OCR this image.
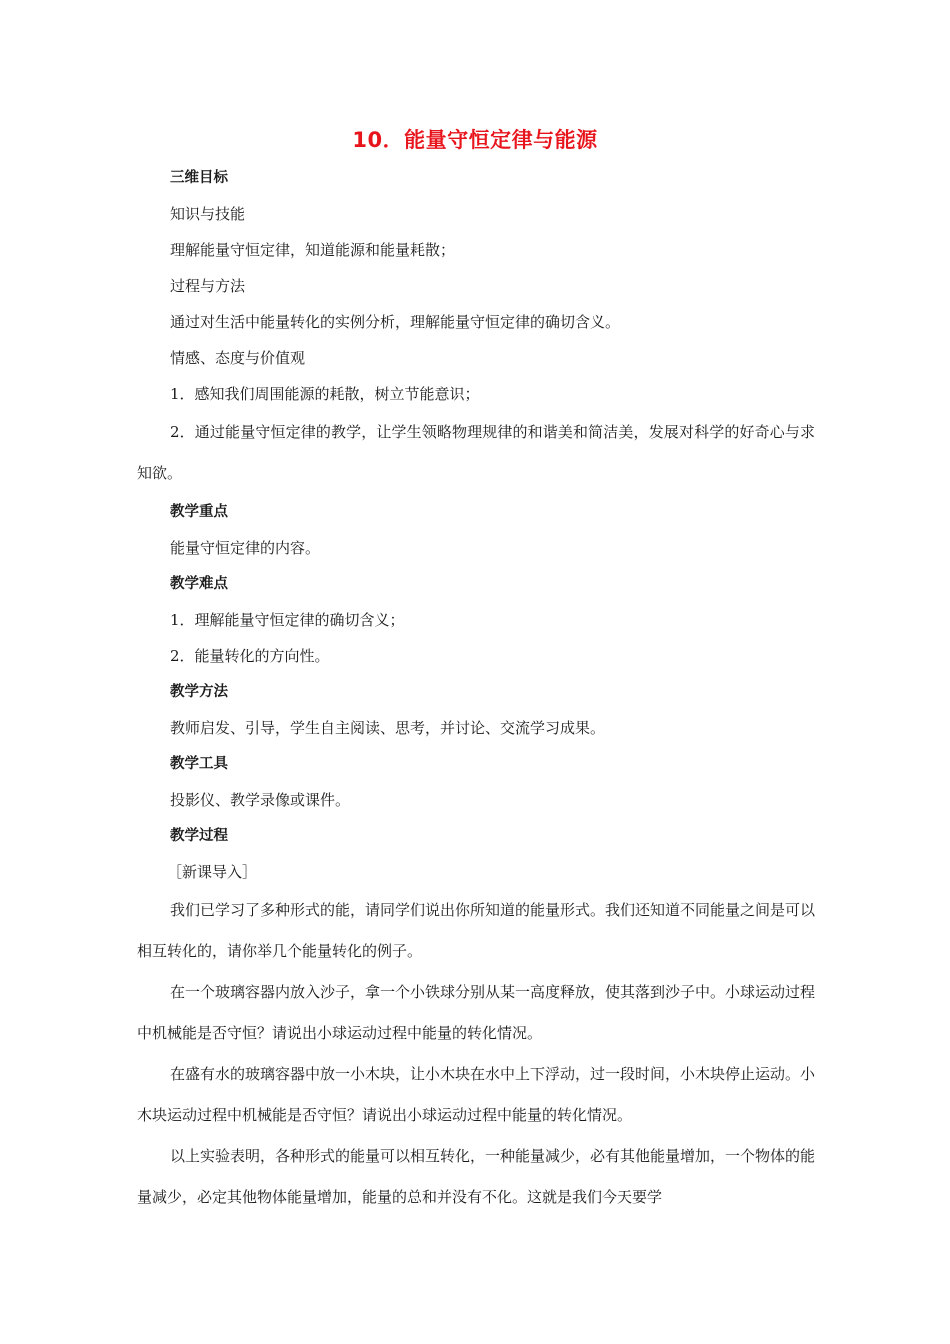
10．能量守恒定律与能源
三维目标
知识与技能
理解能量守恒定律，知道能源和能量耗散；
过程与方法
通过对生活中能量转化的实例分析，理解能量守恒定律的确切含义。
情感、态度与价值观
1．感知我们周围能源的耗散，树立节能意识；
2．通过能量守恒定律的教学，让学生领略物理规律的和谐美和简洁美，发展对科学的好奇心与求知欲。
教学重点
能量守恒定律的内容。
教学难点
1．理解能量守恒定律的确切含义；
2．能量转化的方向性。
教学方法
教师启发、引导，学生自主阅读、思考，并讨论、交流学习成果。
教学工具
投影仪、教学录像或课件。
教学过程
［新课导入］
我们已学习了多种形式的能，请同学们说出你所知道的能量形式。我们还知道不同能量之间是可以相互转化的，请你举几个能量转化的例子。
在一个玻璃容器内放入沙子，拿一个小铁球分别从某一高度释放，使其落到沙子中。小球运动过程中机械能是否守恒？请说出小球运动过程中能量的转化情况。
在盛有水的玻璃容器中放一小木块，让小木块在水中上下浮动，过一段时间，小木块停止运动。小木块运动过程中机械能是否守恒？请说出小球运动过程中能量的转化情况。
以上实验表明，各种形式的能量可以相互转化，一种能量减少，必有其他能量增加，一个物体的能量减少，必定其他物体能量增加，能量的总和并没有不化。这就是我们今天要学
